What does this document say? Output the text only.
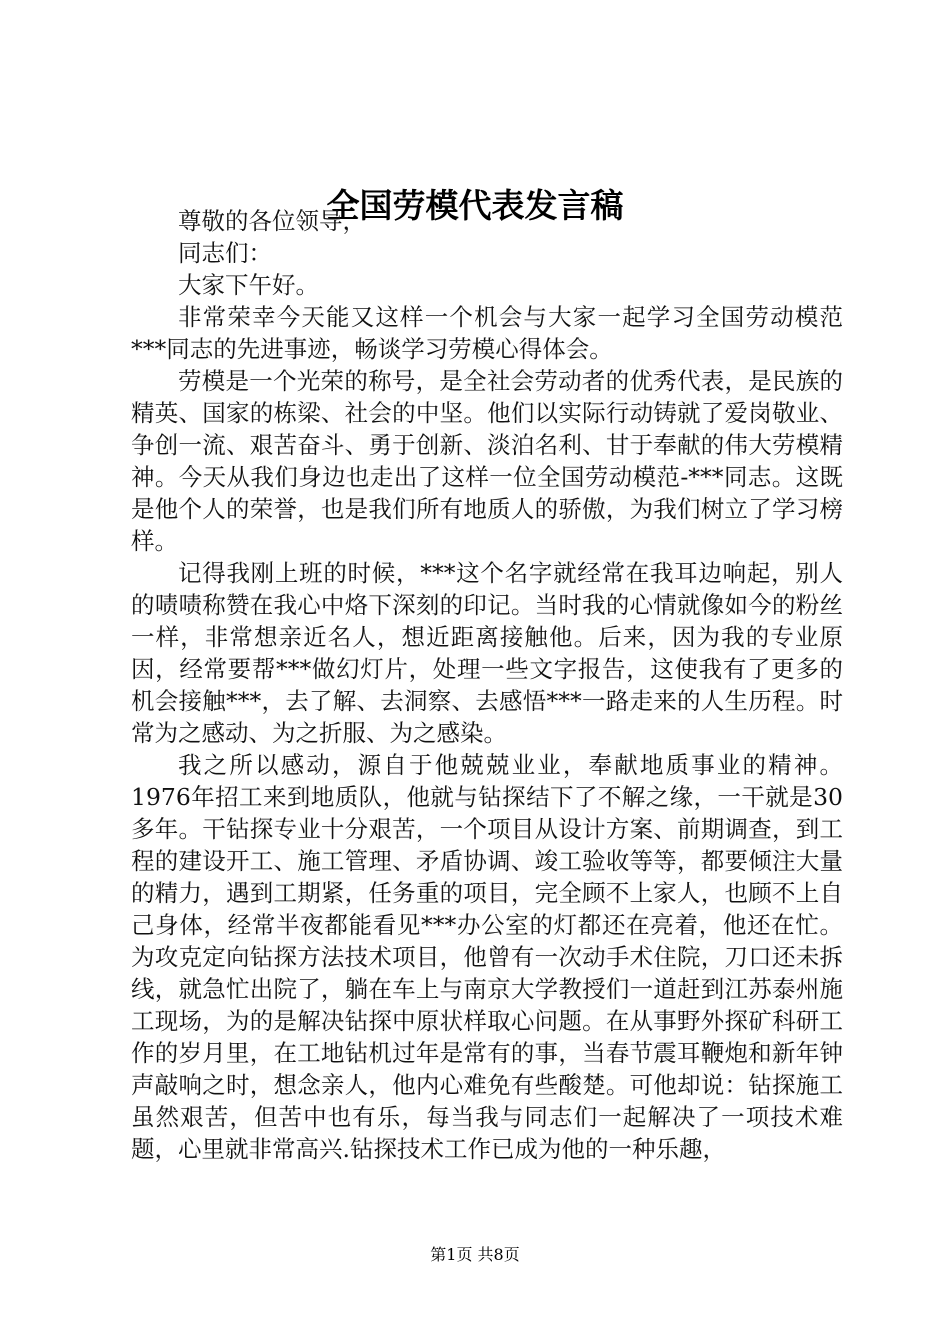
全国劳模代表发言稿

尊敬的各位领导，

同志们：

大家下午好。

非常荣幸今天能又这样一个机会与大家一起学习全国劳动模范***同志的先进事迹，畅谈学习劳模心得体会。

劳模是一个光荣的称号，是全社会劳动者的优秀代表，是民族的精英、国家的栋梁、社会的中坚。他们以实际行动铸就了爱岗敬业、争创一流、艰苦奋斗、勇于创新、淡泊名利、甘于奉献的伟大劳模精神。今天从我们身边也走出了这样一位全国劳动模范-***同志。这既是他个人的荣誉，也是我们所有地质人的骄傲，为我们树立了学习榜样。

记得我刚上班的时候，***这个名字就经常在我耳边响起，别人的啧啧称赞在我心中烙下深刻的印记。当时我的心情就像如今的粉丝一样，非常想亲近名人，想近距离接触他。后来，因为我的专业原因，经常要帮***做幻灯片，处理一些文字报告，这使我有了更多的机会接触***，去了解、去洞察、去感悟***一路走来的人生历程。时常为之感动、为之折服、为之感染。

我之所以感动，源自于他兢兢业业，奉献地质事业的精神。1976年招工来到地质队，他就与钻探结下了不解之缘，一干就是30多年。干钻探专业十分艰苦，一个项目从设计方案、前期调查，到工程的建设开工、施工管理、矛盾协调、竣工验收等等，都要倾注大量的精力，遇到工期紧，任务重的项目，完全顾不上家人，也顾不上自己身体，经常半夜都能看见***办公室的灯都还在亮着，他还在忙。为攻克定向钻探方法技术项目，他曾有一次动手术住院，刀口还未拆线，就急忙出院了，躺在车上与南京大学教授们一道赶到江苏泰州施工现场，为的是解决钻探中原状样取心问题。在从事野外探矿科研工作的岁月里，在工地钻机过年是常有的事，当春节震耳鞭炮和新年钟声敲响之时，想念亲人，他内心难免有些酸楚。可他却说：钻探施工虽然艰苦，但苦中也有乐，每当我与同志们一起解决了一项技术难题，心里就非常高兴.钻探技术工作已成为他的一种乐趣，

第1页 共8页
